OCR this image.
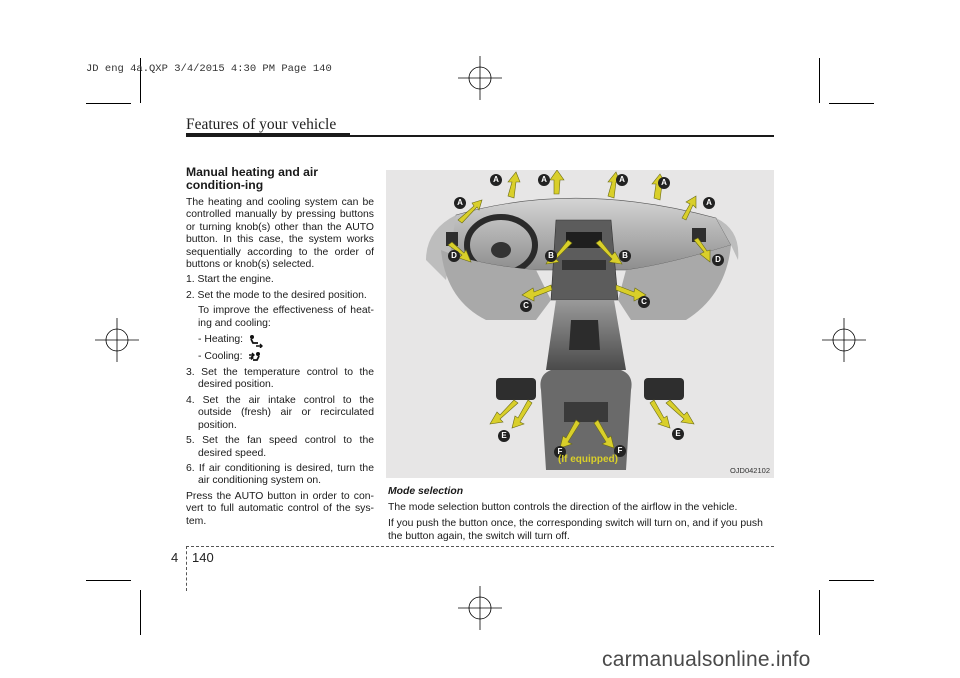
JD eng 4a.QXP 3/4/2015 4:30 PM Page 140
Features of your vehicle
Manual heating and air condition-ing

The heating and cooling system can be controlled manually by pressing buttons or turning knob(s) other than the AUTO button. In this case, the system works sequentially according to the order of buttons or knob(s) selected.

1. Start the engine.

2. Set the mode to the desired position.

To improve the effectiveness of heat-ing and cooling:

- Heating:
- Cooling:

3. Set the temperature control to the desired position.

4. Set the air intake control to the outside (fresh) air or recirculated position.

5. Set the fan speed control to the desired speed.

6. If air conditioning is desired, turn the air conditioning system on.

Press the AUTO button in order to con-vert to full automatic control of the sys-tem.

A
A	A	A	A
A
D	D
B	B
C	C
E	E
F	F
(If equipped)
OJD042102

Mode selection

The mode selection button controls the direction of the airflow in the vehicle.

If you push the button once, the corresponding switch will turn on, and if you push the button again, the switch will turn off.

4 140
carmanualsonline.info
